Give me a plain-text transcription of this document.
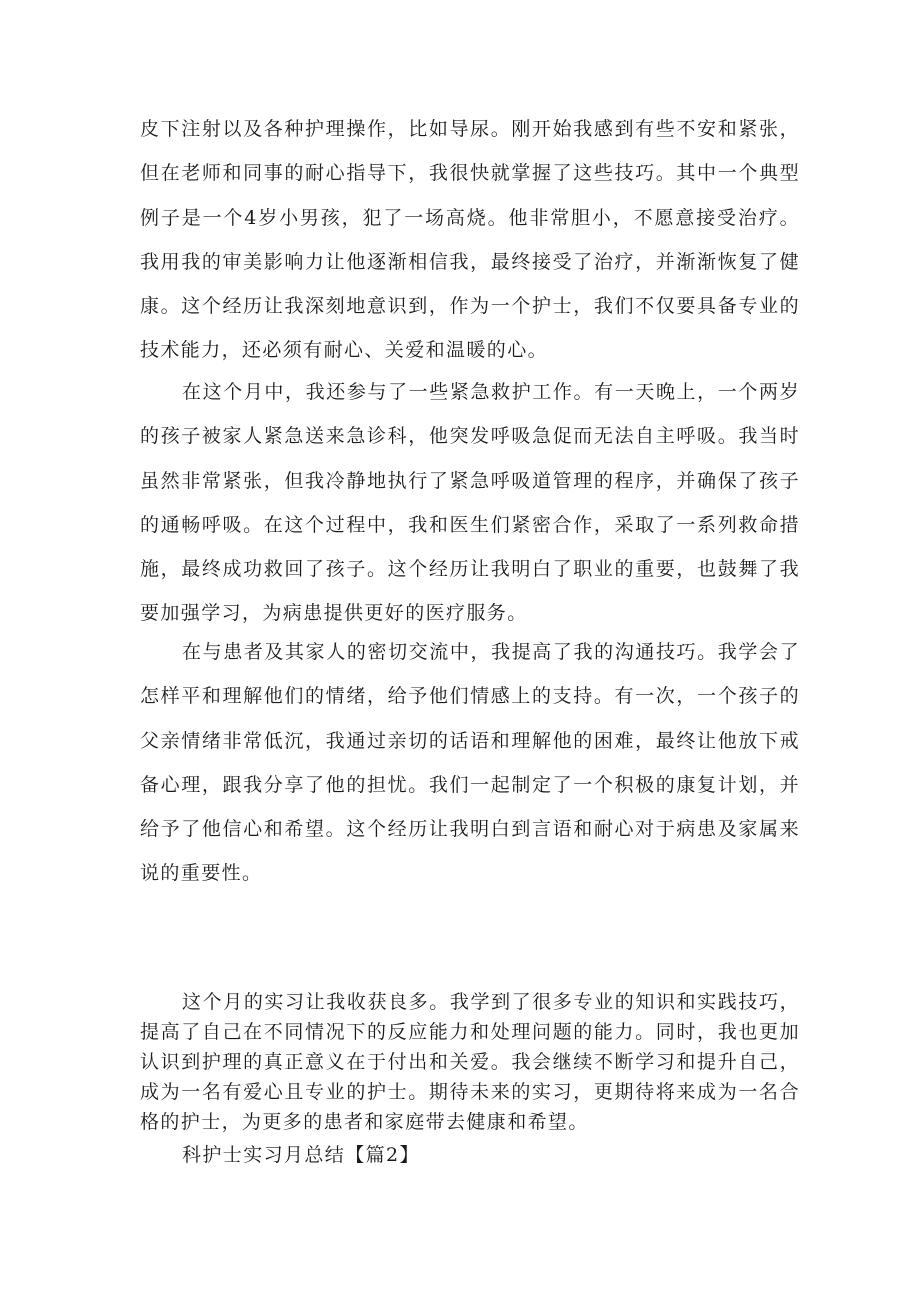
皮下注射以及各种护理操作，比如导尿。刚开始我感到有些不安和紧张，但在老师和同事的耐心指导下，我很快就掌握了这些技巧。其中一个典型例子是一个4岁小男孩，犯了一场高烧。他非常胆小，不愿意接受治疗。我用我的审美影响力让他逐渐相信我，最终接受了治疗，并渐渐恢复了健康。这个经历让我深刻地意识到，作为一个护士，我们不仅要具备专业的技术能力，还必须有耐心、关爱和温暖的心。

在这个月中，我还参与了一些紧急救护工作。有一天晚上，一个两岁的孩子被家人紧急送来急诊科，他突发呼吸急促而无法自主呼吸。我当时虽然非常紧张，但我冷静地执行了紧急呼吸道管理的程序，并确保了孩子的通畅呼吸。在这个过程中，我和医生们紧密合作，采取了一系列救命措施，最终成功救回了孩子。这个经历让我明白了职业的重要，也鼓舞了我要加强学习，为病患提供更好的医疗服务。

在与患者及其家人的密切交流中，我提高了我的沟通技巧。我学会了怎样平和理解他们的情绪，给予他们情感上的支持。有一次，一个孩子的父亲情绪非常低沉，我通过亲切的话语和理解他的困难，最终让他放下戒备心理，跟我分享了他的担忧。我们一起制定了一个积极的康复计划，并给予了他信心和希望。这个经历让我明白到言语和耐心对于病患及家属来说的重要性。

这个月的实习让我收获良多。我学到了很多专业的知识和实践技巧，提高了自己在不同情况下的反应能力和处理问题的能力。同时，我也更加认识到护理的真正意义在于付出和关爱。我会继续不断学习和提升自己，成为一名有爱心且专业的护士。期待未来的实习，更期待将来成为一名合格的护士，为更多的患者和家庭带去健康和希望。

科护士实习月总结【篇2】
